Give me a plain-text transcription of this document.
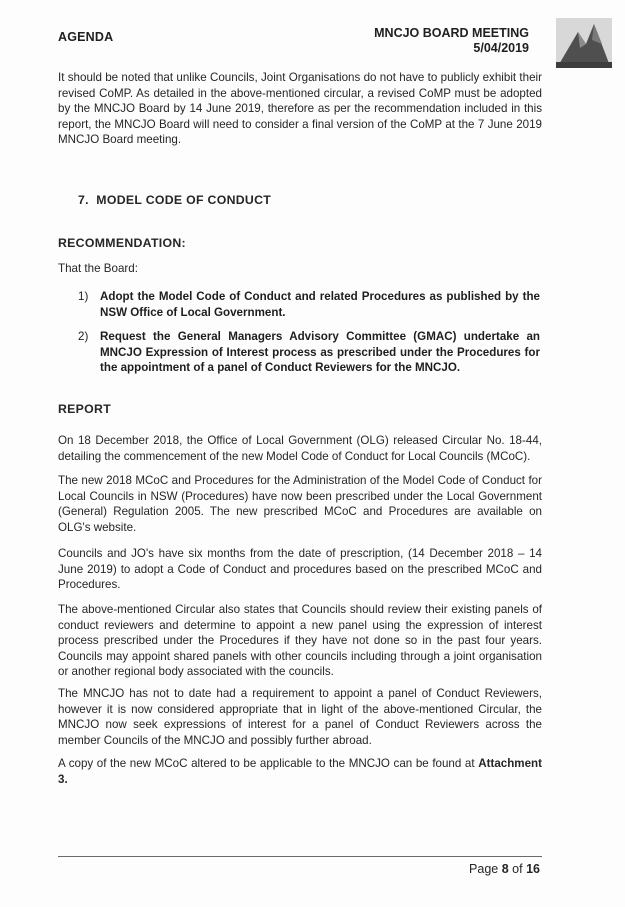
AGENDA	MNCJO BOARD MEETING
5/04/2019

It should be noted that unlike Councils, Joint Organisations do not have to publicly exhibit their revised CoMP. As detailed in the above-mentioned circular, a revised CoMP must be adopted by the MNCJO Board by 14 June 2019, therefore as per the recommendation included in this report, the MNCJO Board will need to consider a final version of the CoMP at the 7 June 2019 MNCJO Board meeting.

7. MODEL CODE OF CONDUCT
RECOMMENDATION:
That the Board:
1) Adopt the Model Code of Conduct and related Procedures as published by the NSW Office of Local Government.
2) Request the General Managers Advisory Committee (GMAC) undertake an MNCJO Expression of Interest process as prescribed under the Procedures for the appointment of a panel of Conduct Reviewers for the MNCJO.
REPORT

On 18 December 2018, the Office of Local Government (OLG) released Circular No. 18-44, detailing the commencement of the new Model Code of Conduct for Local Councils (MCoC).

The new 2018 MCoC and Procedures for the Administration of the Model Code of Conduct for Local Councils in NSW (Procedures) have now been prescribed under the Local Government (General) Regulation 2005. The new prescribed MCoC and Procedures are available on OLG's website.

Councils and JO's have six months from the date of prescription, (14 December 2018 – 14 June 2019) to adopt a Code of Conduct and procedures based on the prescribed MCoC and Procedures.

The above-mentioned Circular also states that Councils should review their existing panels of conduct reviewers and determine to appoint a new panel using the expression of interest process prescribed under the Procedures if they have not done so in the past four years. Councils may appoint shared panels with other councils including through a joint organisation or another regional body associated with the councils.

The MNCJO has not to date had a requirement to appoint a panel of Conduct Reviewers, however it is now considered appropriate that in light of the above-mentioned Circular, the MNCJO now seek expressions of interest for a panel of Conduct Reviewers across the member Councils of the MNCJO and possibly further abroad.

A copy of the new MCoC altered to be applicable to the MNCJO can be found at Attachment 3.

Page 8 of 16
